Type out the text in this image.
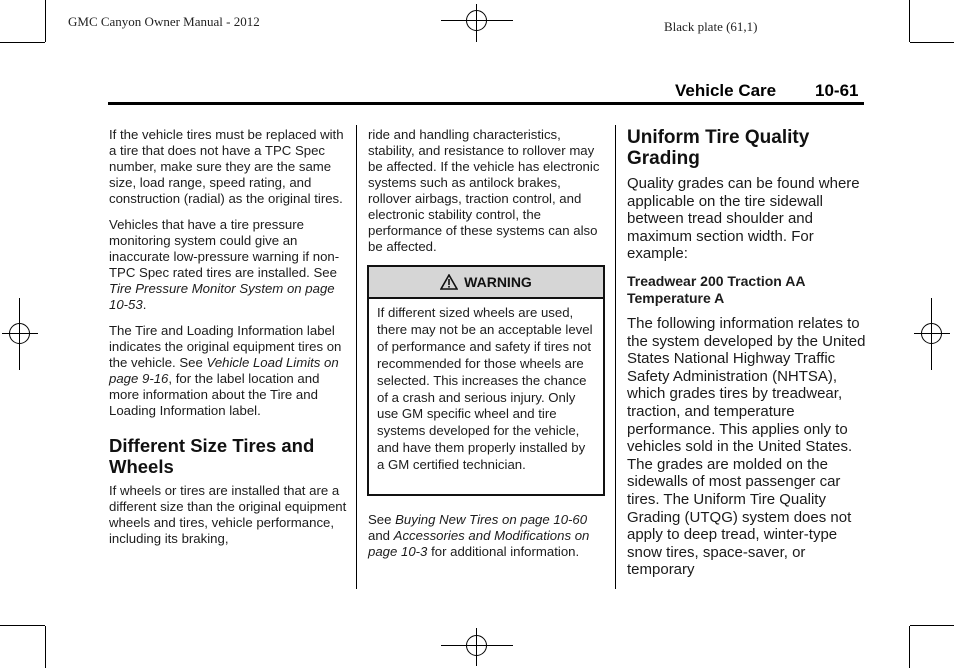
GMC Canyon Owner Manual - 2012	Black plate (61,1)
Vehicle Care 10-61

If the vehicle tires must be replaced with a tire that does not have a TPC Spec number, make sure they are the same size, load range, speed rating, and construction (radial) as the original tires.

Vehicles that have a tire pressure monitoring system could give an inaccurate low-pressure warning if non-TPC Spec rated tires are installed. See Tire Pressure Monitor System on page 10-53.

The Tire and Loading Information label indicates the original equipment tires on the vehicle. See Vehicle Load Limits on page 9-16, for the label location and more information about the Tire and Loading Information label.

Different Size Tires and Wheels

If wheels or tires are installed that are a different size than the original equipment wheels and tires, vehicle performance, including its braking,

ride and handling characteristics, stability, and resistance to rollover may be affected. If the vehicle has electronic systems such as antilock brakes, rollover airbags, traction control, and electronic stability control, the performance of these systems can also be affected.

WARNING
If different sized wheels are used, there may not be an acceptable level of performance and safety if tires not recommended for those wheels are selected. This increases the chance of a crash and serious injury. Only use GM specific wheel and tire systems developed for the vehicle, and have them properly installed by a GM certified technician.

See Buying New Tires on page 10-60 and Accessories and Modifications on page 10-3 for additional information.

Uniform Tire Quality Grading

Quality grades can be found where applicable on the tire sidewall between tread shoulder and maximum section width. For example:

Treadwear 200 Traction AA Temperature A

The following information relates to the system developed by the United States National Highway Traffic Safety Administration (NHTSA), which grades tires by treadwear, traction, and temperature performance. This applies only to vehicles sold in the United States. The grades are molded on the sidewalls of most passenger car tires. The Uniform Tire Quality Grading (UTQG) system does not apply to deep tread, winter-type snow tires, space-saver, or temporary
